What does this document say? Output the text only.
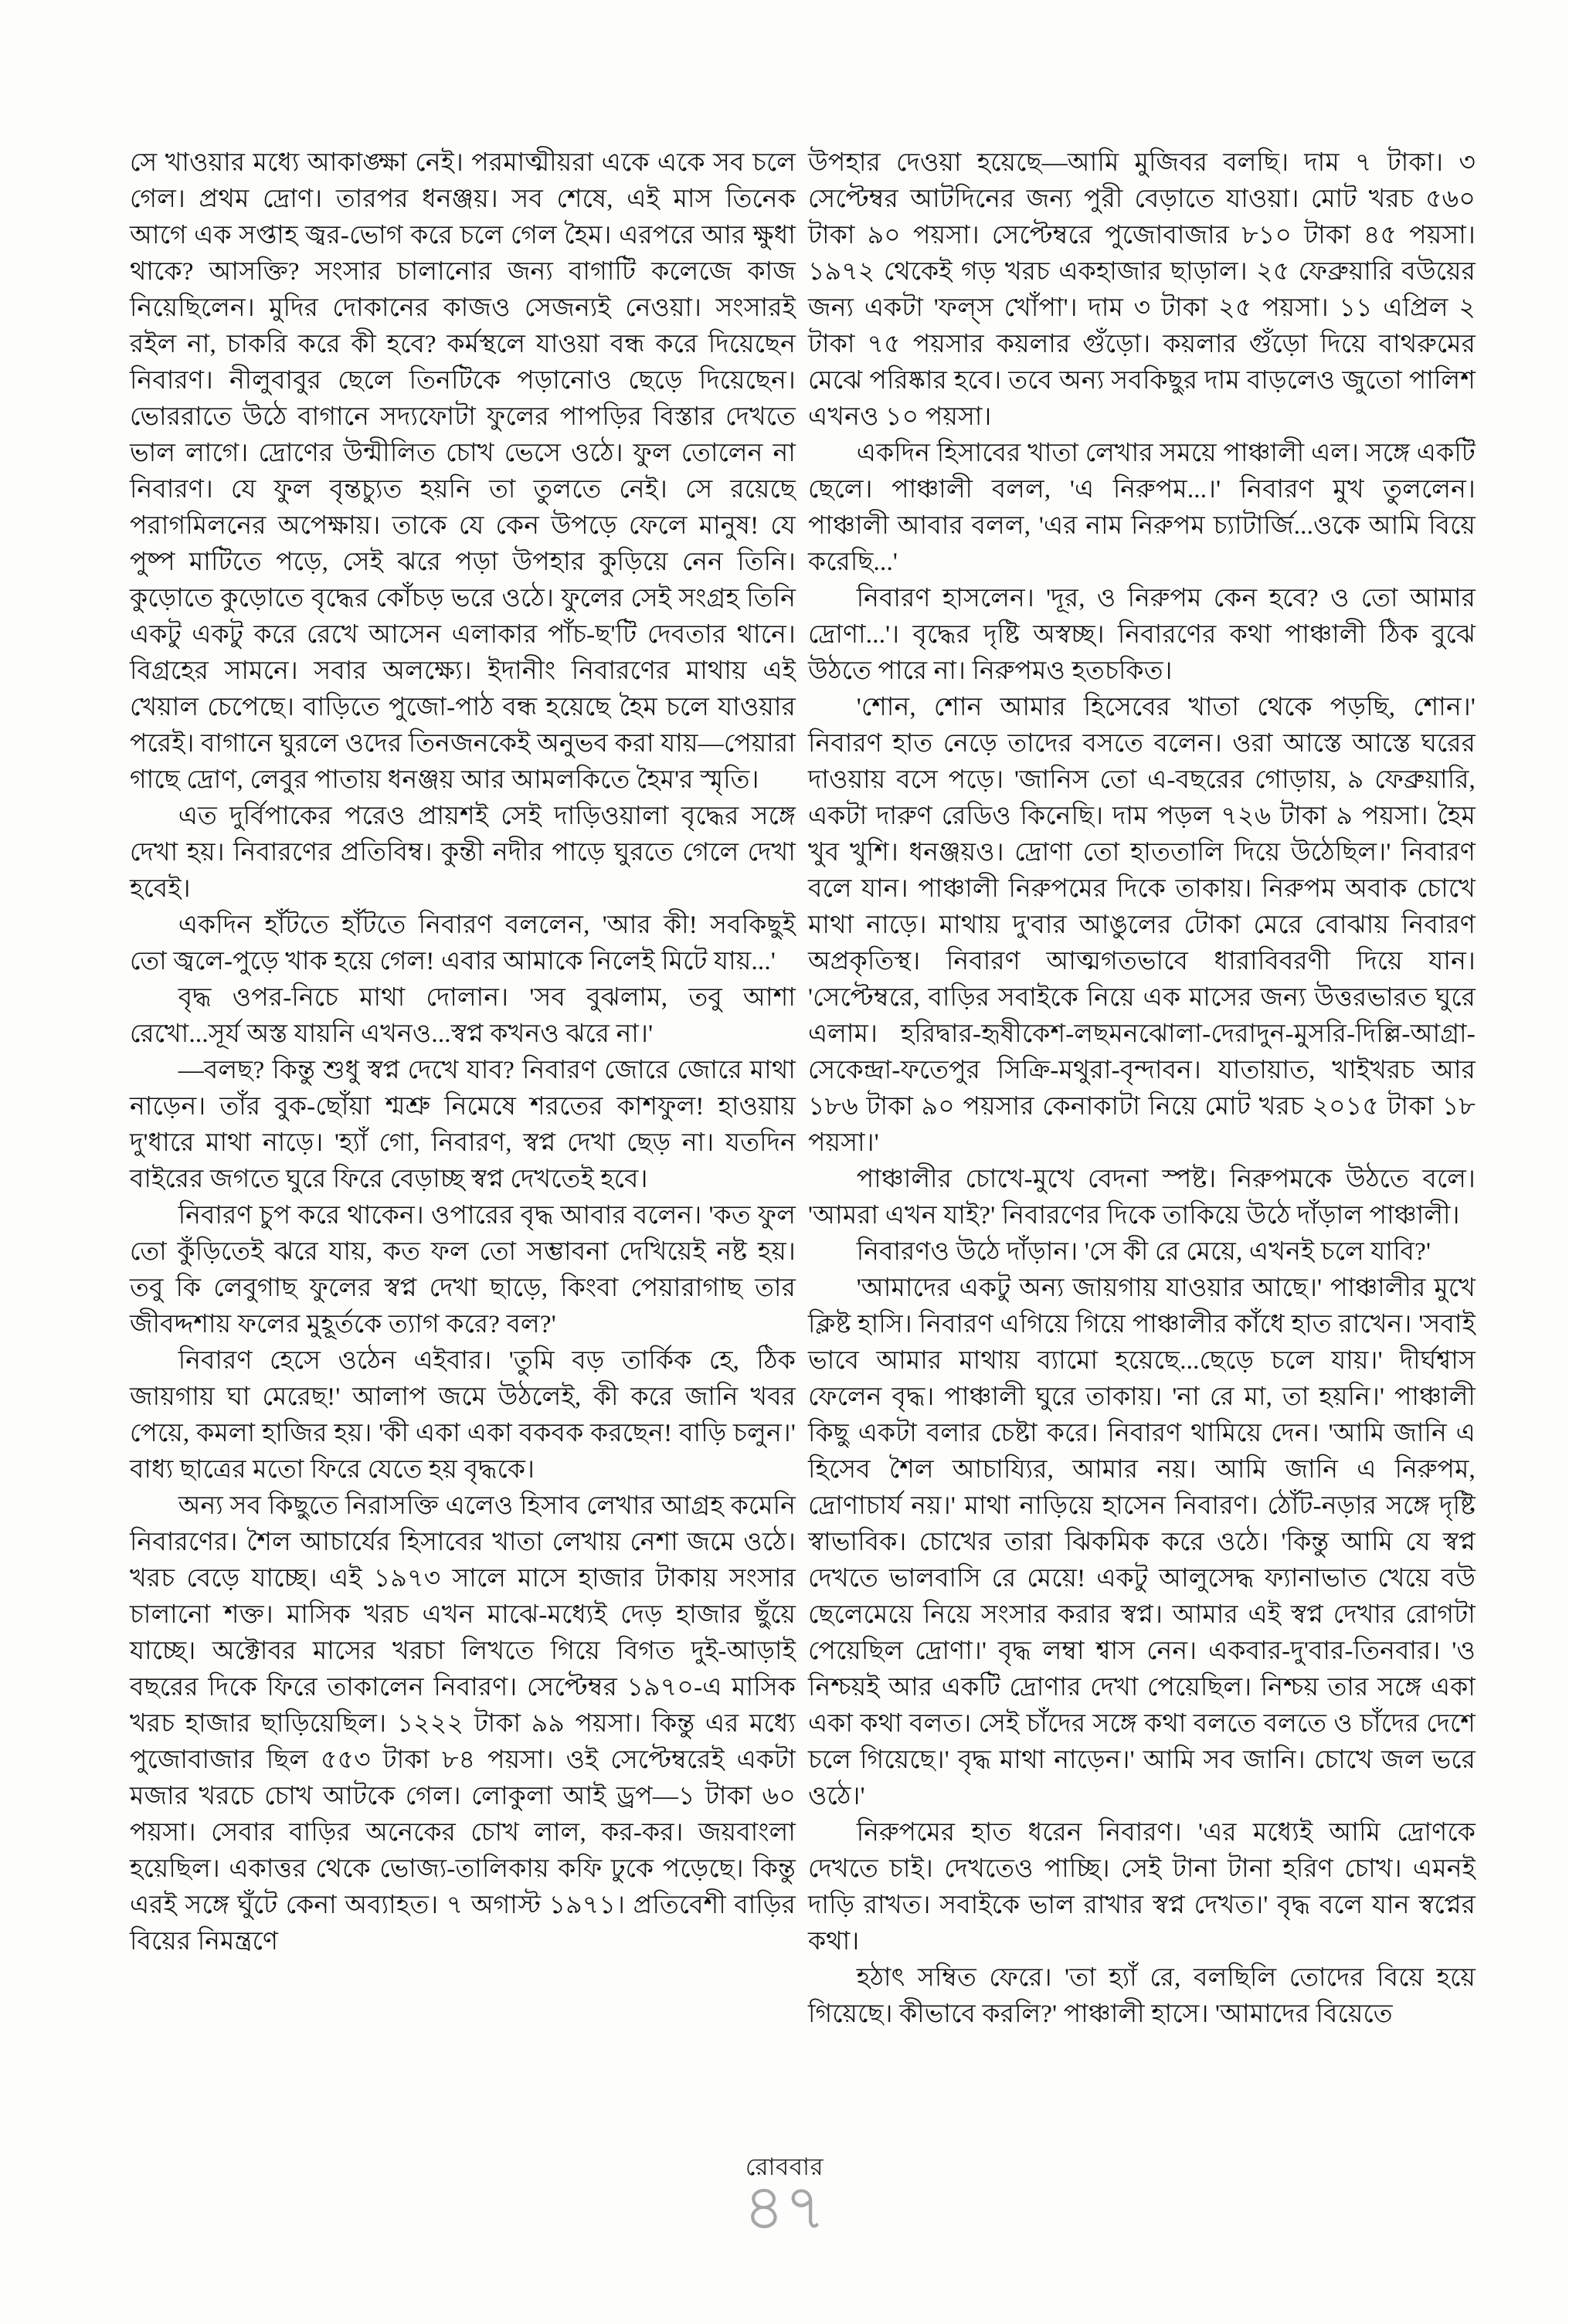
সে খাওয়ার মধ্যে আকাঙ্ক্ষা নেই। পরমাত্মীয়রা একে একে সব চলে গেল। প্রথম দ্রোণ। তারপর ধনঞ্জয়। সব শেষে, এই মাস তিনেক আগে এক সপ্তাহ জ্বর-ভোগ করে চলে গেল হৈম। এরপরে আর ক্ষুধা থাকে? আসক্তি? সংসার চালানোর জন্য বাগাটি কলেজে কাজ নিয়েছিলেন। মুদির দোকানের কাজও সেজন্যই নেওয়া। সংসারই রইল না, চাকরি করে কী হবে? কর্মস্থলে যাওয়া বন্ধ করে দিয়েছেন নিবারণ। নীলুবাবুর ছেলে তিনটিকে পড়ানোও ছেড়ে দিয়েছেন। ভোররাতে উঠে বাগানে সদ্যফোটা ফুলের পাপড়ির বিস্তার দেখতে ভাল লাগে। দ্রোণের উন্মীলিত চোখ ভেসে ওঠে। ফুল তোলেন না নিবারণ। যে ফুল বৃন্তচ্যুত হয়নি তা তুলতে নেই। সে রয়েছে পরাগমিলনের অপেক্ষায়। তাকে যে কেন উপড়ে ফেলে মানুষ! যে পুষ্প মাটিতে পড়ে, সেই ঝরে পড়া উপহার কুড়িয়ে নেন তিনি। কুড়োতে কুড়োতে বৃদ্ধের কোঁচড় ভরে ওঠে। ফুলের সেই সংগ্রহ তিনি একটু একটু করে রেখে আসেন এলাকার পাঁচ-ছ'টি দেবতার থানে। বিগ্রহের সামনে। সবার অলক্ষ্যে। ইদানীং নিবারণের মাথায় এই খেয়াল চেপেছে। বাড়িতে পুজো-পাঠ বন্ধ হয়েছে হৈম চলে যাওয়ার পরেই। বাগানে ঘুরলে ওদের তিনজনকেই অনুভব করা যায়—পেয়ারা গাছে দ্রোণ, লেবুর পাতায় ধনঞ্জয় আর আমলকিতে হৈম'র স্মৃতি।

এত দুর্বিপাকের পরেও প্রায়শই সেই দাড়িওয়ালা বৃদ্ধের সঙ্গে দেখা হয়। নিবারণের প্রতিবিম্ব। কুন্তী নদীর পাড়ে ঘুরতে গেলে দেখা হবেই।

একদিন হাঁটতে হাঁটতে নিবারণ বললেন, 'আর কী! সবকিছুই তো জ্বলে-পুড়ে খাক হয়ে গেল! এবার আমাকে নিলেই মিটে যায়...'

বৃদ্ধ ওপর-নিচে মাথা দোলান। 'সব বুঝলাম, তবু আশা রেখো...সূর্য অস্ত যায়নি এখনও...স্বপ্ন কখনও ঝরে না।'

—বলছ? কিন্তু শুধু স্বপ্ন দেখে যাব? নিবারণ জোরে জোরে মাথা নাড়েন। তাঁর বুক-ছোঁয়া শ্মশ্রু নিমেষে শরতের কাশফুল! হাওয়ায় দু'ধারে মাথা নাড়ে। 'হ্যাঁ গো, নিবারণ, স্বপ্ন দেখা ছেড় না। যতদিন বাইরের জগতে ঘুরে ফিরে বেড়াচ্ছ স্বপ্ন দেখতেই হবে।

নিবারণ চুপ করে থাকেন। ওপারের বৃদ্ধ আবার বলেন। 'কত ফুল তো কুঁড়িতেই ঝরে যায়, কত ফল তো সম্ভাবনা দেখিয়েই নষ্ট হয়। তবু কি লেবুগাছ ফুলের স্বপ্ন দেখা ছাড়ে, কিংবা পেয়ারাগাছ তার জীবদ্দশায় ফলের মুহূর্তকে ত্যাগ করে? বল?'

নিবারণ হেসে ওঠেন এইবার। 'তুমি বড় তার্কিক হে, ঠিক জায়গায় ঘা মেরেছ!' আলাপ জমে উঠলেই, কী করে জানি খবর পেয়ে, কমলা হাজির হয়। 'কী একা একা বকবক করছেন! বাড়ি চলুন।' বাধ্য ছাত্রের মতো ফিরে যেতে হয় বৃদ্ধকে।

অন্য সব কিছুতে নিরাসক্তি এলেও হিসাব লেখার আগ্রহ কমেনি নিবারণের। শৈল আচার্যের হিসাবের খাতা লেখায় নেশা জমে ওঠে। খরচ বেড়ে যাচ্ছে। এই ১৯৭৩ সালে মাসে হাজার টাকায় সংসার চালানো শক্ত। মাসিক খরচ এখন মাঝে-মধ্যেই দেড় হাজার ছুঁয়ে যাচ্ছে। অক্টোবর মাসের খরচা লিখতে গিয়ে বিগত দুই-আড়াই বছরের দিকে ফিরে তাকালেন নিবারণ। সেপ্টেম্বর ১৯৭০-এ মাসিক খরচ হাজার ছাড়িয়েছিল। ১২২২ টাকা ৯৯ পয়সা। কিন্তু এর মধ্যে পুজোবাজার ছিল ৫৫৩ টাকা ৮৪ পয়সা। ওই সেপ্টেম্বরেই একটা মজার খরচে চোখ আটকে গেল। লোকুলা আই ড্রপ—১ টাকা ৬০ পয়সা। সেবার বাড়ির অনেকের চোখ লাল, কর-কর। জয়বাংলা হয়েছিল। একাত্তর থেকে ভোজ্য-তালিকায় কফি ঢুকে পড়েছে। কিন্তু এরই সঙ্গে ঘুঁটে কেনা অব্যাহত। ৭ অগাস্ট ১৯৭১। প্রতিবেশী বাড়ির বিয়ের নিমন্ত্রণে

উপহার দেওয়া হয়েছে—আমি মুজিবর বলছি। দাম ৭ টাকা। ৩ সেপ্টেম্বর আটদিনের জন্য পুরী বেড়াতে যাওয়া। মোট খরচ ৫৬০ টাকা ৯০ পয়সা। সেপ্টেম্বরে পুজোবাজার ৮১০ টাকা ৪৫ পয়সা। ১৯৭২ থেকেই গড় খরচ একহাজার ছাড়াল। ২৫ ফেব্রুয়ারি বউয়ের জন্য একটা 'ফল্স খোঁপা'। দাম ৩ টাকা ২৫ পয়সা। ১১ এপ্রিল ২ টাকা ৭৫ পয়সার কয়লার গুঁড়ো। কয়লার গুঁড়ো দিয়ে বাথরুমের মেঝে পরিষ্কার হবে। তবে অন্য সবকিছুর দাম বাড়লেও জুতো পালিশ এখনও ১০ পয়সা।

একদিন হিসাবের খাতা লেখার সময়ে পাঞ্চালী এল। সঙ্গে একটি ছেলে। পাঞ্চালী বলল, 'এ নিরুপম...।' নিবারণ মুখ তুললেন। পাঞ্চালী আবার বলল, 'এর নাম নিরুপম চ্যাটার্জি...ওকে আমি বিয়ে করেছি...'

নিবারণ হাসলেন। 'দূর, ও নিরুপম কেন হবে? ও তো আমার দ্রোণা...'। বৃদ্ধের দৃষ্টি অস্বচ্ছ। নিবারণের কথা পাঞ্চালী ঠিক বুঝে উঠতে পারে না। নিরুপমও হতচকিত।

'শোন, শোন আমার হিসেবের খাতা থেকে পড়ছি, শোন।' নিবারণ হাত নেড়ে তাদের বসতে বলেন। ওরা আস্তে আস্তে ঘরের দাওয়ায় বসে পড়ে। 'জানিস তো এ-বছরের গোড়ায়, ৯ ফেব্রুয়ারি, একটা দারুণ রেডিও কিনেছি। দাম পড়ল ৭২৬ টাকা ৯ পয়সা। হৈম খুব খুশি। ধনঞ্জয়ও। দ্রোণা তো হাততালি দিয়ে উঠেছিল।' নিবারণ বলে যান। পাঞ্চালী নিরুপমের দিকে তাকায়। নিরুপম অবাক চোখে মাথা নাড়ে। মাথায় দু'বার আঙুলের টোকা মেরে বোঝায় নিবারণ অপ্রকৃতিস্থ। নিবারণ আত্মগতভাবে ধারাবিবরণী দিয়ে যান। 'সেপ্টেম্বরে, বাড়ির সবাইকে নিয়ে এক মাসের জন্য উত্তরভারত ঘুরে এলাম। হরিদ্বার-হৃষীকেশ-লছমনঝোলা-দেরাদুন-মুসরি-দিল্লি-আগ্রা-সেকেন্দ্রা-ফতেপুর সিক্রি-মথুরা-বৃন্দাবন। যাতায়াত, খাইখরচ আর ১৮৬ টাকা ৯০ পয়সার কেনাকাটা নিয়ে মোট খরচ ২০১৫ টাকা ১৮ পয়সা।'

পাঞ্চালীর চোখে-মুখে বেদনা স্পষ্ট। নিরুপমকে উঠতে বলে। 'আমরা এখন যাই?' নিবারণের দিকে তাকিয়ে উঠে দাঁড়াল পাঞ্চালী।

নিবারণও উঠে দাঁড়ান। 'সে কী রে মেয়ে, এখনই চলে যাবি?'

'আমাদের একটু অন্য জায়গায় যাওয়ার আছে।' পাঞ্চালীর মুখে ক্লিষ্ট হাসি। নিবারণ এগিয়ে গিয়ে পাঞ্চালীর কাঁধে হাত রাখেন। 'সবাই ভাবে আমার মাথায় ব্যামো হয়েছে...ছেড়ে চলে যায়।' দীর্ঘশ্বাস ফেলেন বৃদ্ধ। পাঞ্চালী ঘুরে তাকায়। 'না রে মা, তা হয়নি।' পাঞ্চালী কিছু একটা বলার চেষ্টা করে। নিবারণ থামিয়ে দেন। 'আমি জানি এ হিসেব শৈল আচায্যির, আমার নয়। আমি জানি এ নিরুপম, দ্রোণাচার্য নয়।' মাথা নাড়িয়ে হাসেন নিবারণ। ঠোঁট-নড়ার সঙ্গে দৃষ্টি স্বাভাবিক। চোখের তারা ঝিকমিক করে ওঠে। 'কিন্তু আমি যে স্বপ্ন দেখতে ভালবাসি রে মেয়ে! একটু আলুসেদ্ধ ফ্যানাভাত খেয়ে বউ ছেলেমেয়ে নিয়ে সংসার করার স্বপ্ন। আমার এই স্বপ্ন দেখার রোগটা পেয়েছিল দ্রোণা।' বৃদ্ধ লম্বা শ্বাস নেন। একবার-দু'বার-তিনবার। 'ও নিশ্চয়ই আর একটি দ্রোণার দেখা পেয়েছিল। নিশ্চয় তার সঙ্গে একা একা কথা বলত। সেই চাঁদের সঙ্গে কথা বলতে বলতে ও চাঁদের দেশে চলে গিয়েছে।' বৃদ্ধ মাথা নাড়েন।' আমি সব জানি। চোখে জল ভরে ওঠে।'

নিরুপমের হাত ধরেন নিবারণ। 'এর মধ্যেই আমি দ্রোণকে দেখতে চাই। দেখতেও পাচ্ছি। সেই টানা টানা হরিণ চোখ। এমনই দাড়ি রাখত। সবাইকে ভাল রাখার স্বপ্ন দেখত।' বৃদ্ধ বলে যান স্বপ্নের কথা।

হঠাৎ সম্বিত ফেরে। 'তা হ্যাঁ রে, বলছিলি তোদের বিয়ে হয়ে গিয়েছে। কীভাবে করলি?' পাঞ্চালী হাসে। 'আমাদের বিয়েতে

রোববার
৪৭
